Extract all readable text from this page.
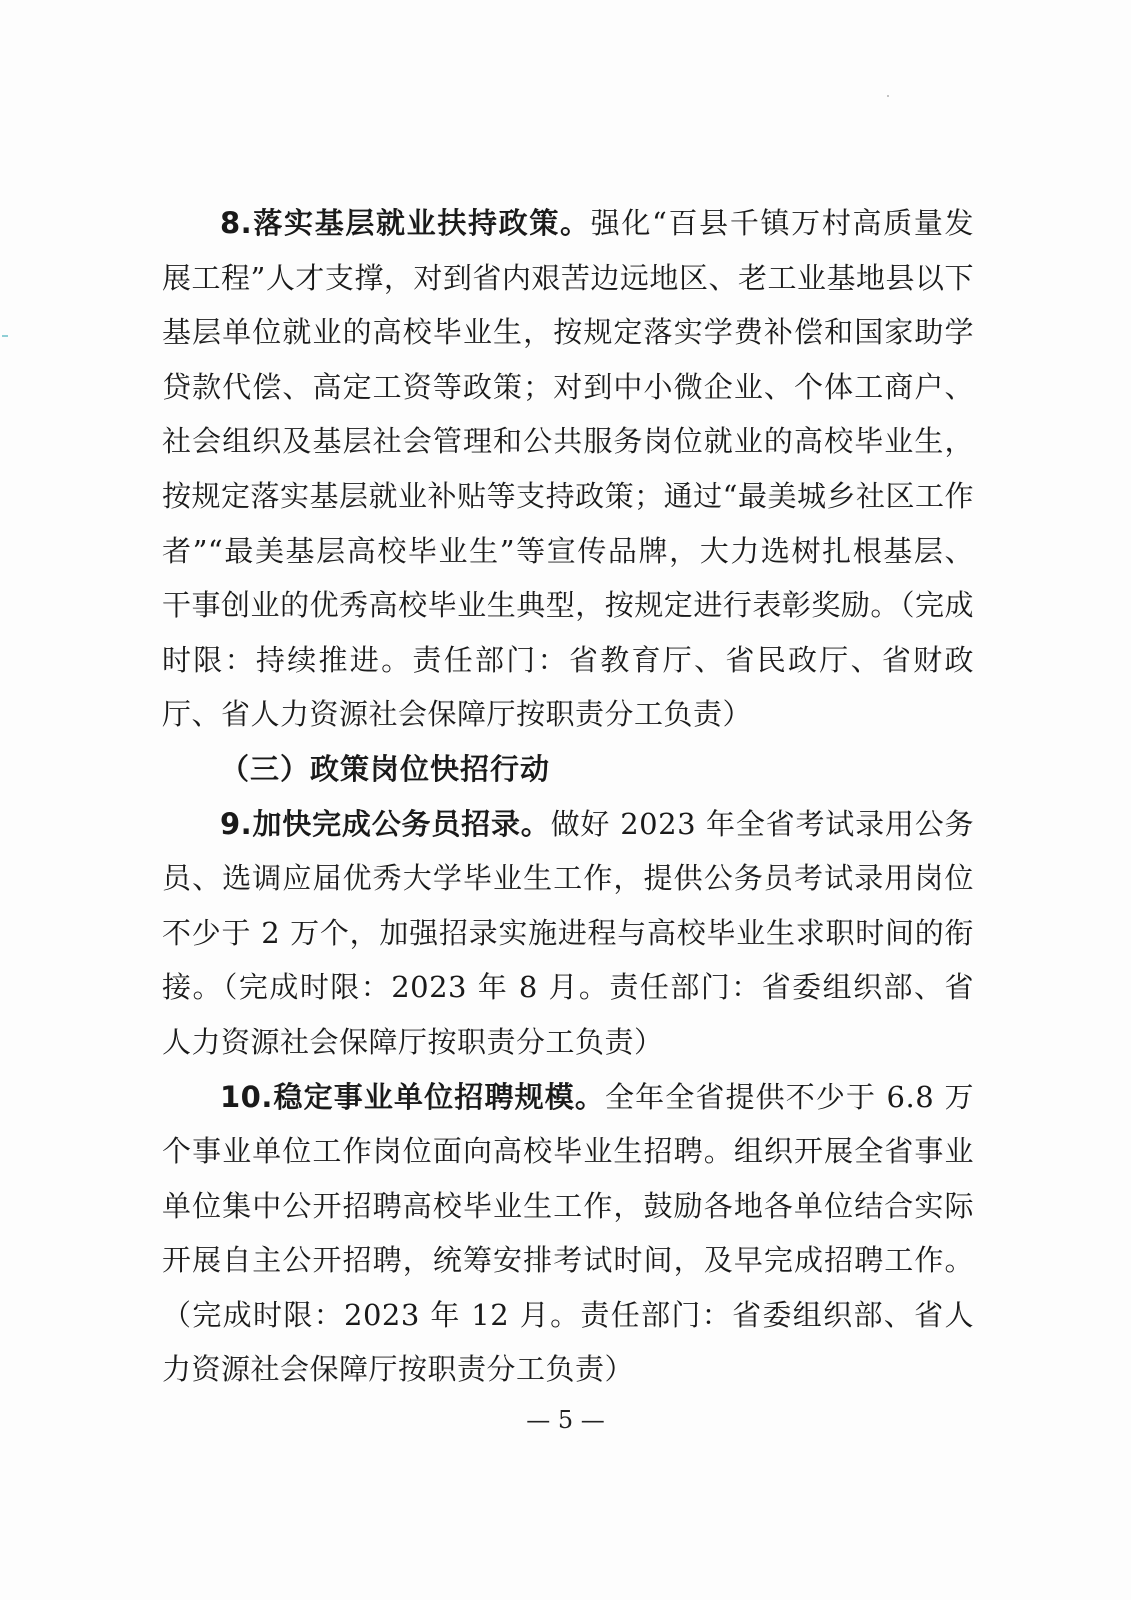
8.落实基层就业扶持政策。强化“百县千镇万村高质量发展工程”人才支撑，对到省内艰苦边远地区、老工业基地县以下基层单位就业的高校毕业生，按规定落实学费补偿和国家助学贷款代偿、高定工资等政策；对到中小微企业、个体工商户、社会组织及基层社会管理和公共服务岗位就业的高校毕业生，按规定落实基层就业补贴等支持政策；通过“最美城乡社区工作者”“最美基层高校毕业生”等宣传品牌，大力选树扎根基层、干事创业的优秀高校毕业生典型，按规定进行表彰奖励。（完成时限：持续推进。责任部门：省教育厅、省民政厅、省财政厅、省人力资源社会保障厅按职责分工负责）

（三）政策岗位快招行动

9.加快完成公务员招录。做好 2023 年全省考试录用公务员、选调应届优秀大学毕业生工作，提供公务员考试录用岗位不少于 2 万个，加强招录实施进程与高校毕业生求职时间的衔接。（完成时限：2023 年 8 月。责任部门：省委组织部、省人力资源社会保障厅按职责分工负责）

10.稳定事业单位招聘规模。全年全省提供不少于 6.8 万个事业单位工作岗位面向高校毕业生招聘。组织开展全省事业单位集中公开招聘高校毕业生工作，鼓励各地各单位结合实际开展自主公开招聘，统筹安排考试时间，及早完成招聘工作。（完成时限：2023 年 12 月。责任部门：省委组织部、省人力资源社会保障厅按职责分工负责）

— 5 —
